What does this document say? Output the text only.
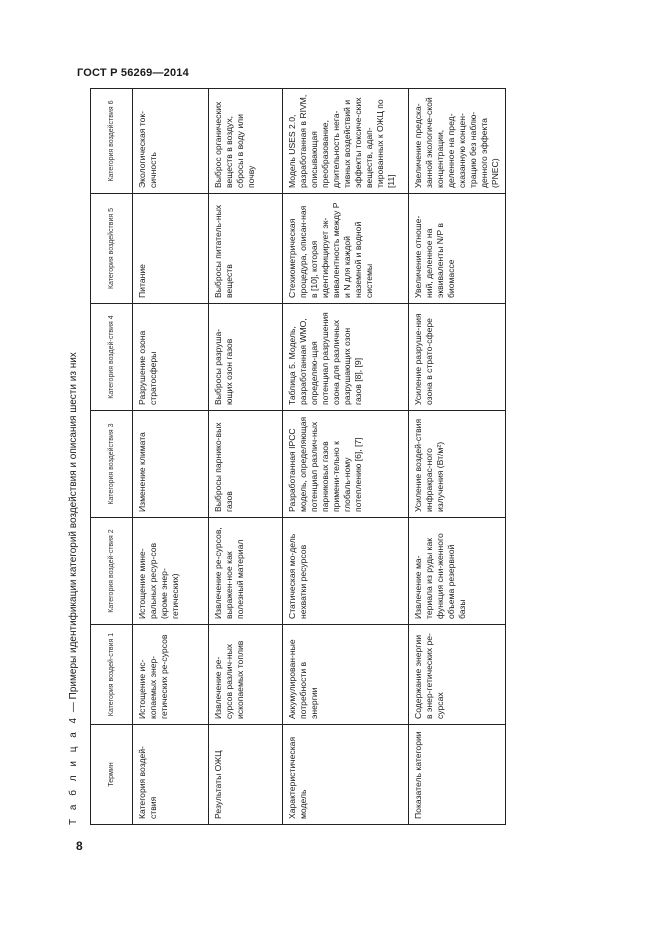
ГОСТ Р 56269—2014
Т а б л и ц а 4 — Примеры идентификации категорий воздействия и описания шести из них
Термин	Категория воздей-ствия 1	Категория воздей-ствия 2	Категория воздействия 3	Категория воздей-ствия 4	Категория воздействия 5	Категория воздействия 6
Категория воздей-ствия	Истощение ис-копаемых энер-гетических ре-сурсов	Истощение мине-ральных ресур-сов (кроме энер-гетических)	Изменение климата	Разрушение озона стратосферы	Питание	Экологическая ток-сичность
Результаты ОЖЦ	Извлечение ре-сурсов различ-ных ископаемых топлив	Извлечение ре-сурсов, выражен-ное как полезный материал	Выбросы парнико-вых газов	Выбросы разруша-ющих озон газов	Выбросы питатель-ных веществ	Выброс органических веществ в воздух, сбросы в воду или почву
Характеристическая модель	Аккумулирован-ные потребности в энергии	Статическая мо-дель нехватки ресурсов	Разработанная IPCC модель, определяющая потенциал различ-ных парниковых газов примени-тельно к глобаль-ному потеплению [6], [7]	Таблица 5. Модель, разработанная WMO, определяю-щая потенциал разрушения озона для различных разрушающих озон газов [8], [9]	Стехиометрическая процедура, описан-ная в [10], которая идентифицирует эк-вивалентность между P и N для каждой наземной и водной системы	Модель USES 2.0, разработанная в RIVM, описывающая преобразование, длительность нега-тивных воздействий и эффекты токсиче-ских веществ, адап-тированных к ОЖЦ по [11]
Показатель категории	Содержание энергии в энер-гетических ре-сурсах	Извлечение ма-териала из руды как функция сни-женного объема резервной базы	Усиление воздей-ствия инфракрас-ного излучения (Вт/м²)	Усиление разруше-ния озона в страто-сфере	Увеличение отноше-ний, деленное на эквиваленты N/P в биомассе	Увеличение предска-занной экологиче-ской концентрации, деленное на пред-сказанную концен-трацию без наблю-денного эффекта (PNEC)
8
